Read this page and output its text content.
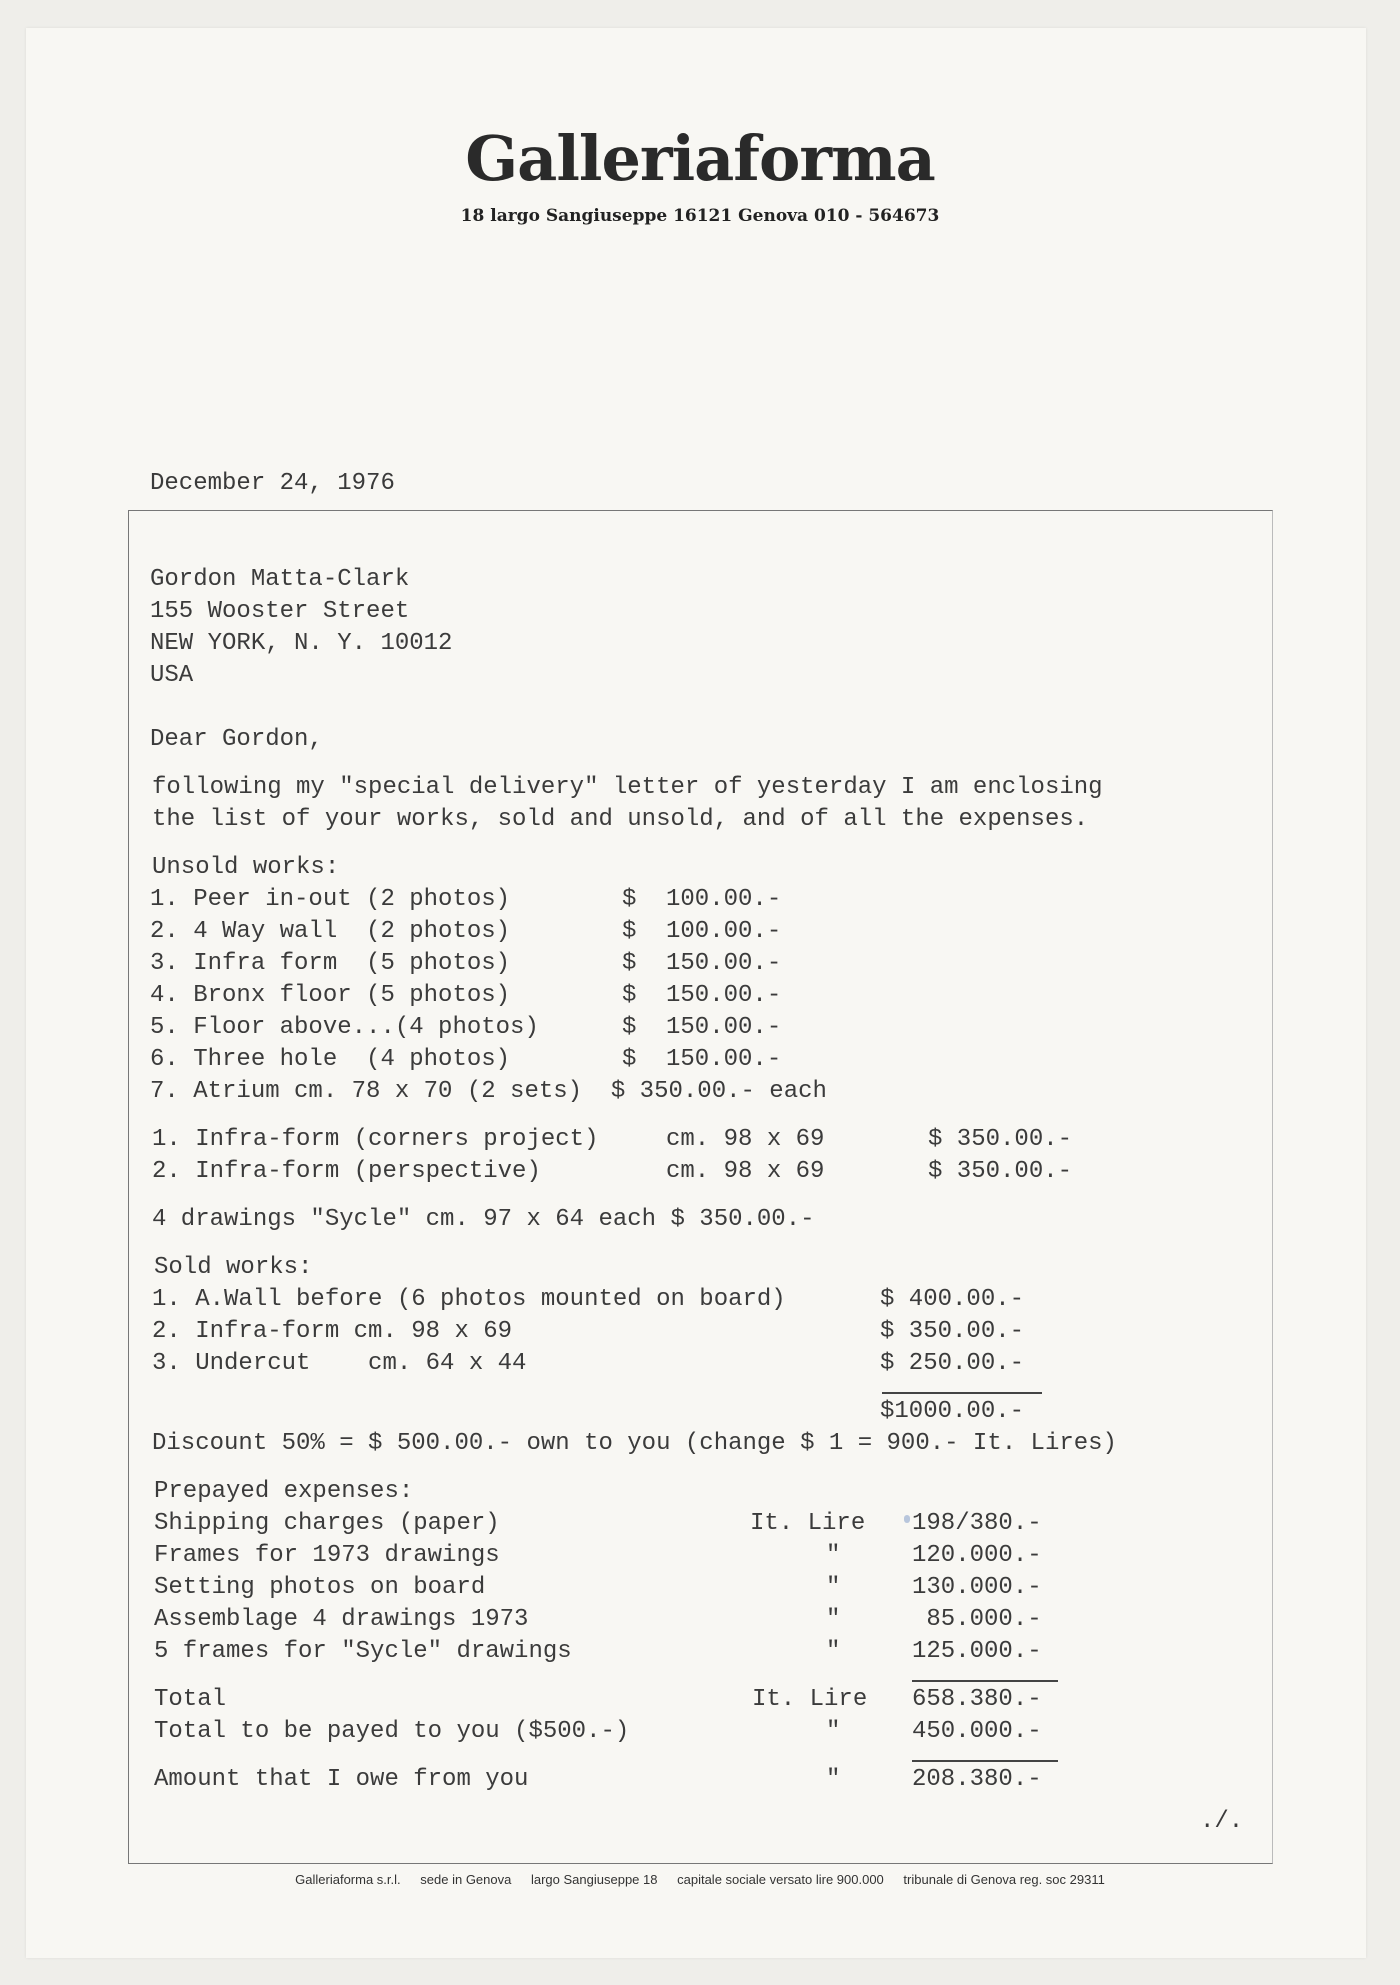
Galleriaforma
18 largo Sangiuseppe 16121 Genova 010 - 564673
December 24, 1976
Gordon Matta-Clark
155 Wooster Street
NEW YORK, N. Y. 10012
USA
Dear Gordon,
following my "special delivery" letter of yesterday I am enclosing
the list of your works, sold and unsold, and of all the expenses.
Unsold works:
1. Peer in-out (2 photos)	$ 100.00.-
2. 4 Way wall  (2 photos)	$ 100.00.-
3. Infra form  (5 photos)	$ 150.00.-
4. Bronx floor (5 photos)	$ 150.00.-
5. Floor above...(4 photos)	$ 150.00.-
6. Three hole  (4 photos)	$ 150.00.-
7. Atrium cm. 78 x 70 (2 sets)  $ 350.00.- each
1. Infra-form (corners project)	cm. 98 x 69	$ 350.00.-
2. Infra-form (perspective)	cm. 98 x 69	$ 350.00.-
4 drawings "Sycle" cm. 97 x 64 each $ 350.00.-
Sold works:
1. A.Wall before (6 photos mounted on board)	$ 400.00.-
2. Infra-form cm. 98 x 69	$ 350.00.-
3. Undercut    cm. 64 x 44	$ 250.00.-
$1000.00.-
Discount 50% = $ 500.00.- own to you (change $ 1 = 900.- It. Lires)
Prepayed expenses:
Shipping charges (paper)	It. Lire 198/380.-
Frames for 1973 drawings	"	120.000.-
Setting photos on board	"	130.000.-
Assemblage 4 drawings 1973	"	85.000.-
5 frames for "Sycle" drawings	"	125.000.-
Total	It. Lire 658.380.-
Total to be payed to you ($500.-)	"	450.000.-
Amount that I owe from you	"	208.380.-
./.
Galleriaforma s.r.l. sede in Genova largo Sangiuseppe 18 capitale sociale versato lire 900.000 tribunale di Genova reg. soc 29311
